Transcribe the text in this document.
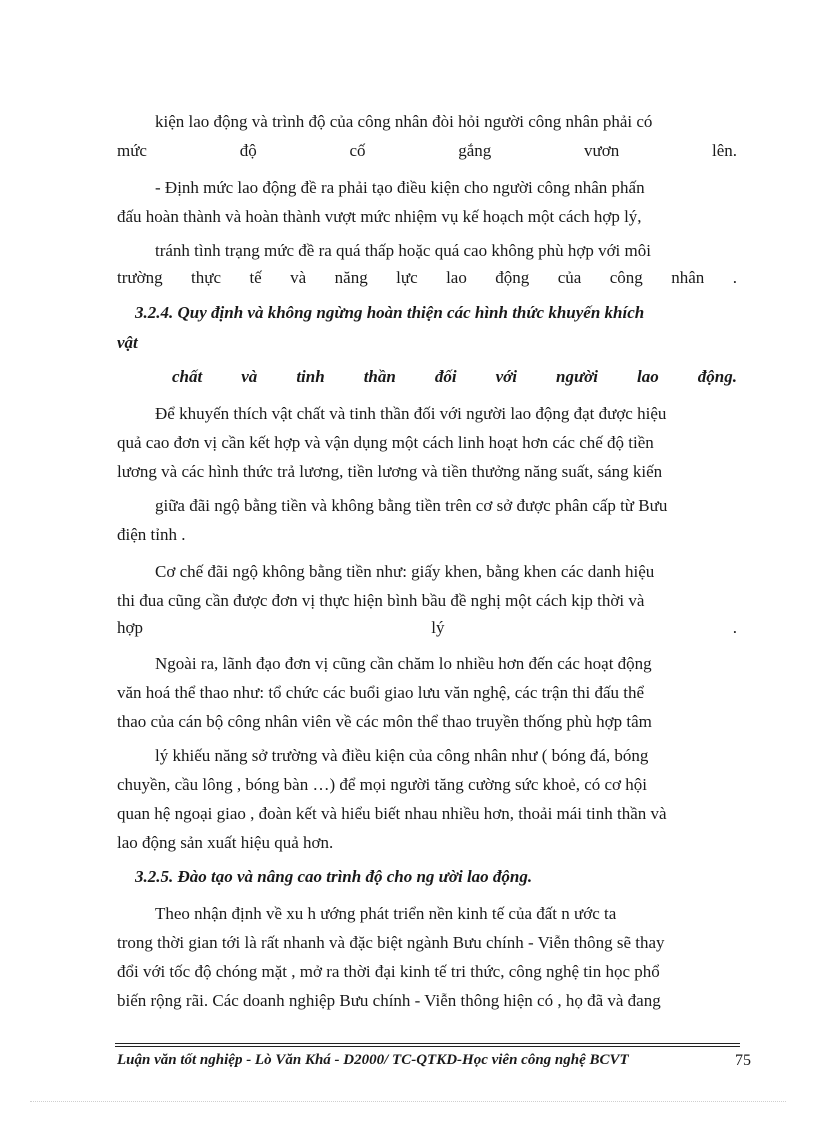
kiện lao động và trình độ của công nhân đòi hỏi người công nhân phải có
mức độ cố gắng vươn lên.
- Định mức lao động đề ra phải tạo điều kiện cho người công nhân phấn
đấu hoàn thành và hoàn thành vượt mức nhiệm vụ kế hoạch một cách hợp lý,
tránh tình trạng mức đề ra quá thấp hoặc quá cao không phù hợp với môi
trường thực tế và năng lực lao động của công nhân .
3.2.4. Quy định và không ngừng hoàn thiện các hình thức khuyến khích
vật
chất và tinh thần đối với người lao động.
Để khuyến thích vật chất và tinh thần đối với người lao động đạt được hiệu
quả cao đơn vị cần kết hợp và vận dụng một cách linh hoạt hơn các chế độ tiền
lương và các hình thức trả lương, tiền lương và tiền thưởng năng suất, sáng kiến
giữa đãi ngộ bằng tiền và không bằng tiền trên cơ sở được phân cấp từ Bưu
điện tỉnh .
Cơ chế đãi ngộ không bằng tiền như: giấy khen, bằng khen các danh hiệu
thi đua cũng cần được đơn vị thực hiện bình bầu đề nghị một cách kịp thời và
hợp lý .
Ngoài ra, lãnh đạo đơn vị cũng cần chăm lo nhiều hơn đến các hoạt động
văn hoá thể thao như: tổ chức các buổi giao lưu văn nghệ, các trận thi đấu thể
thao của cán bộ công nhân viên về các môn thể thao truyền thống phù hợp tâm
lý khiếu năng sở trường và điều kiện của công nhân như ( bóng đá, bóng
chuyền, cầu lông , bóng bàn …) để mọi người tăng cường sức khoẻ, có cơ hội
quan hệ ngoại giao , đoàn kết và hiểu biết nhau nhiều hơn, thoải mái tinh thần và
lao động sản xuất hiệu quả hơn.
3.2.5. Đào tạo và nâng cao trình độ cho ng ười lao động.
Theo nhận định về xu h ướng phát triển nền kinh tế của đất n ước ta
trong thời gian tới là rất nhanh và đặc biệt ngành Bưu chính - Viễn thông sẽ thay
đổi với tốc độ chóng mặt , mở ra thời đại kinh tế tri thức, công nghệ tin học phổ
biến rộng rãi. Các doanh nghiệp Bưu chính - Viễn thông hiện có , họ đã và đang
Luận văn tốt nghiệp - Lò Văn Khá - D2000/ TC-QTKD-Học viên công nghệ BCVT	75
